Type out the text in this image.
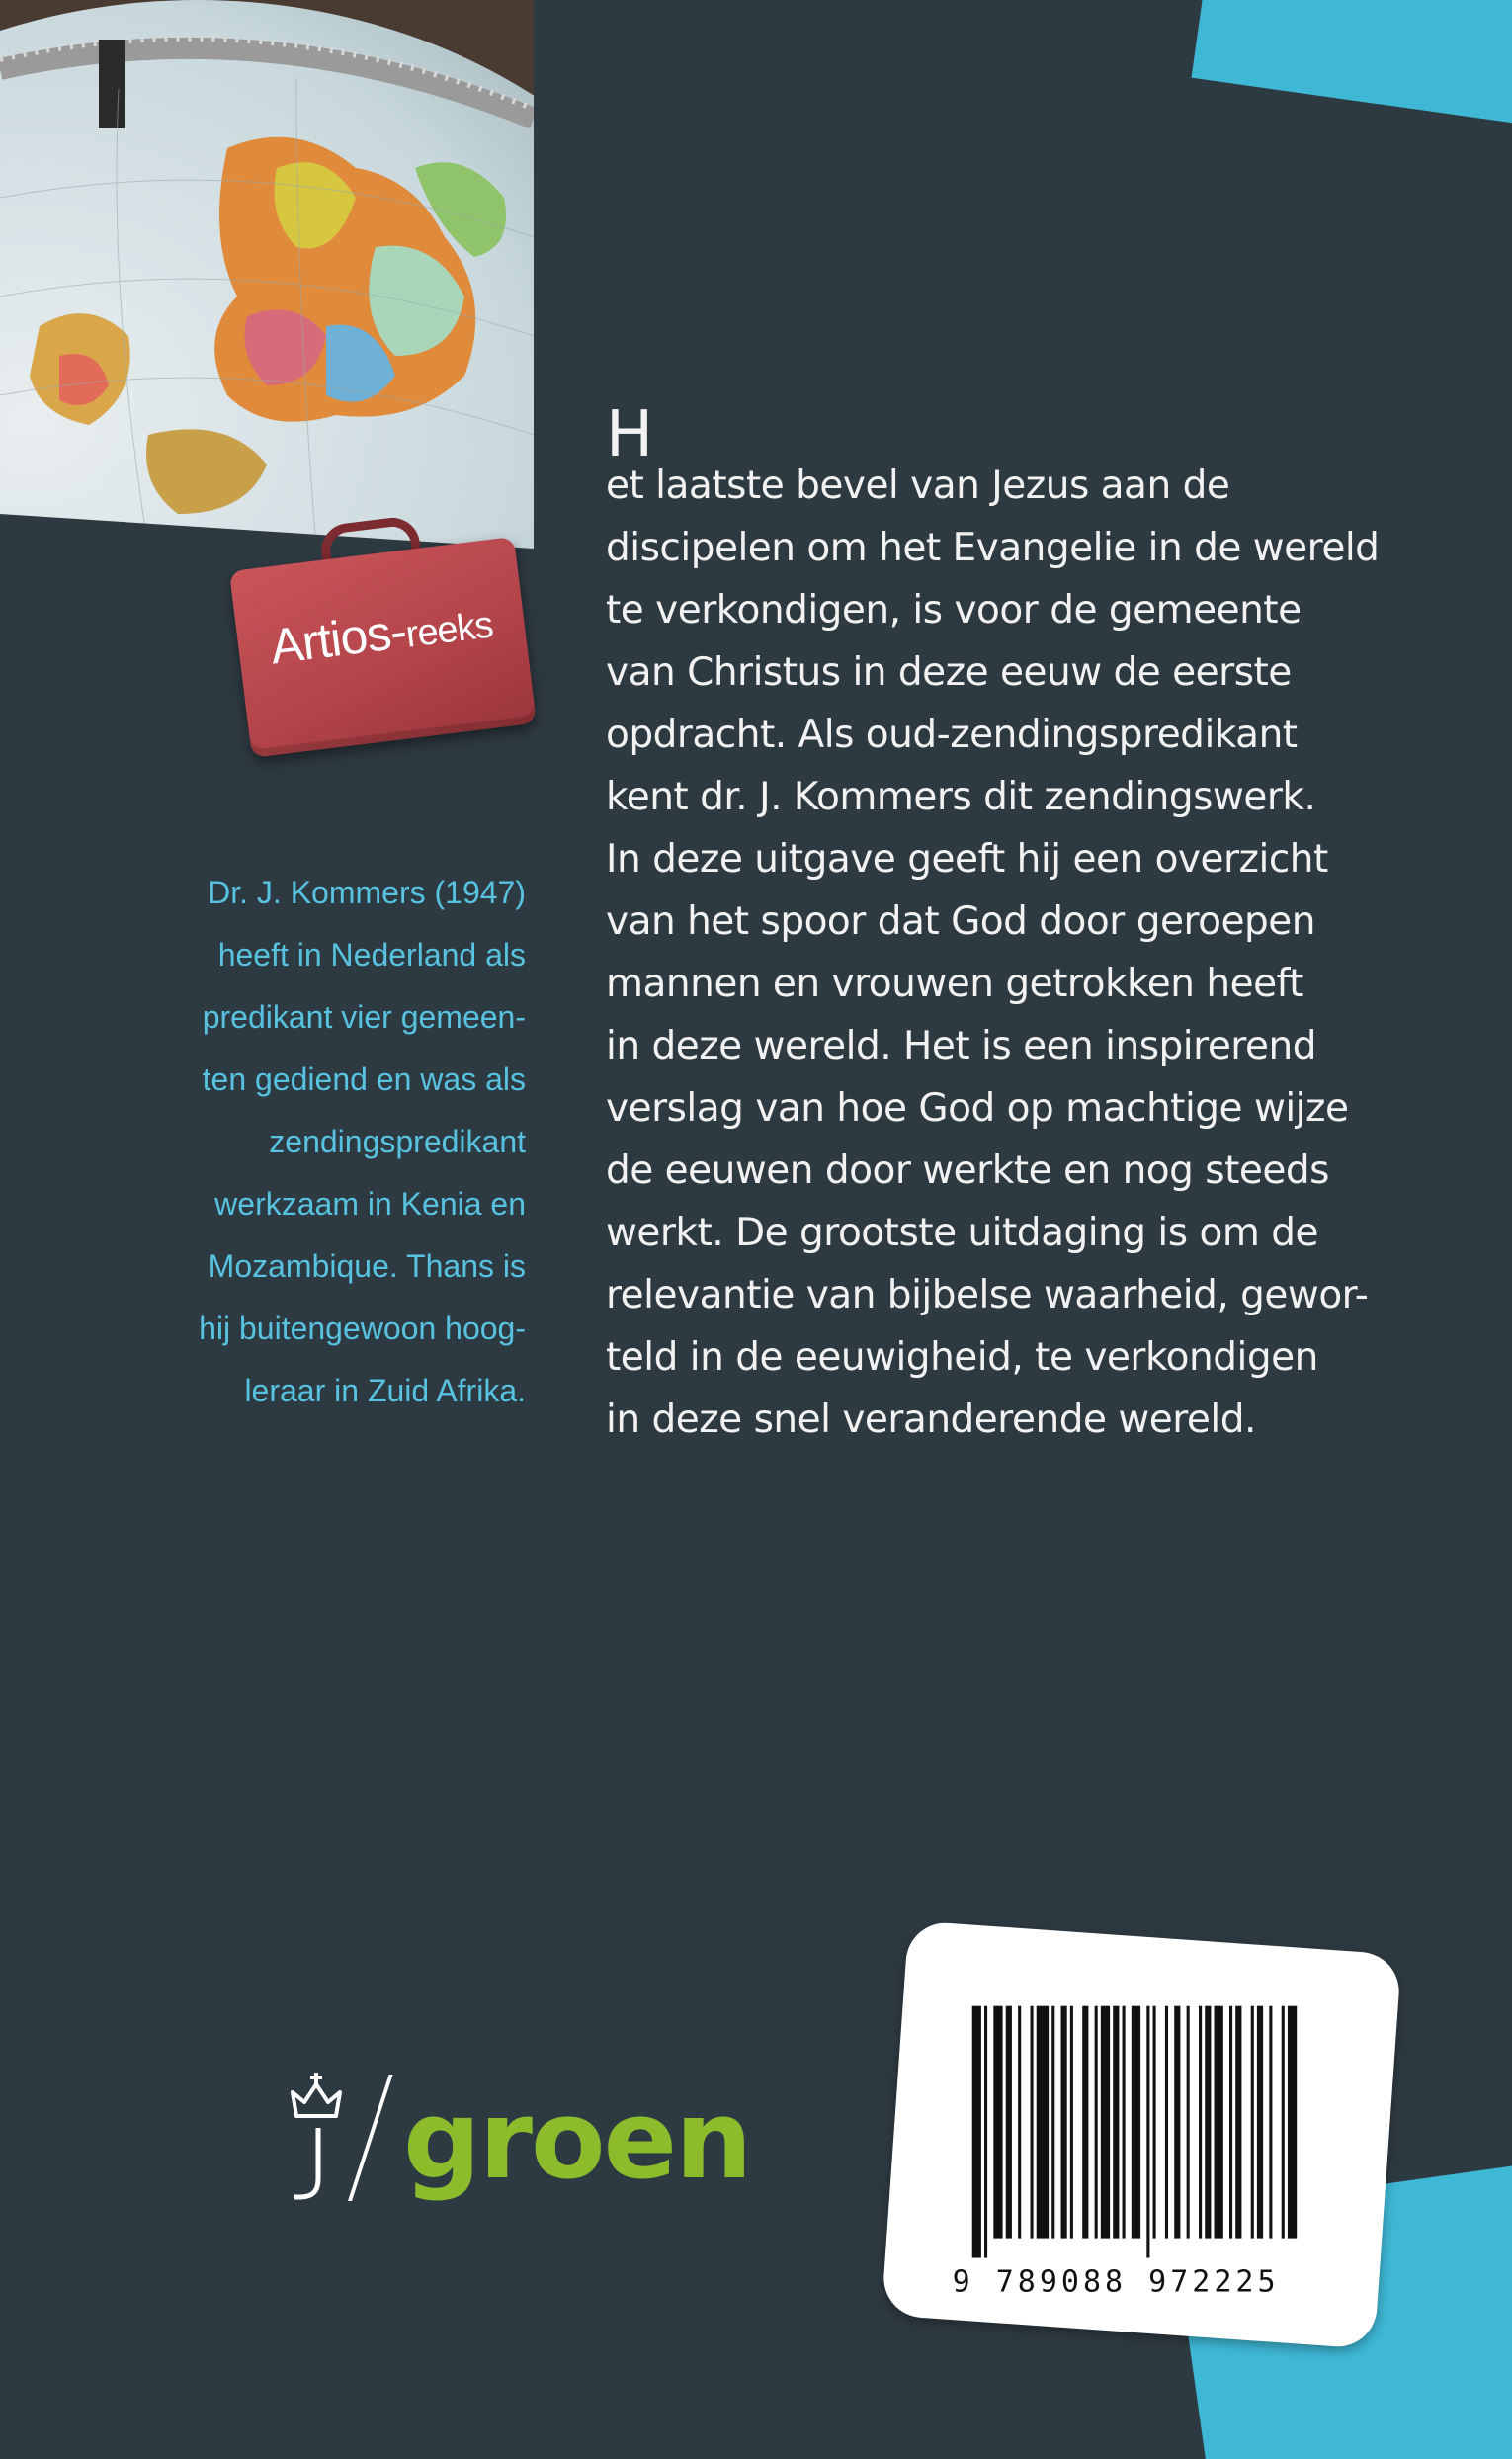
Artios-reeks
Dr. J. Kommers (1947)
heeft in Nederland als
predikant vier gemeen-
ten gediend en was als
zendingspredikant
werkzaam in Kenia en
Mozambique. Thans is
hij buitengewoon hoog-
leraar in Zuid Afrika.
H
et laatste bevel van Jezus aan de
discipelen om het Evangelie in de wereld
te verkondigen, is voor de gemeente
van Christus in deze eeuw de eerste
opdracht. Als oud-zendingspredikant
kent dr. J. Kommers dit zendingswerk.
In deze uitgave geeft hij een overzicht
van het spoor dat God door geroepen
mannen en vrouwen getrokken heeft
in deze wereld. Het is een inspirerend
verslag van hoe God op machtige wijze
de eeuwen door werkte en nog steeds
werkt. De grootste uitdaging is om de
relevantie van bijbelse waarheid, gewor-
teld in de eeuwigheid, te verkondigen
in deze snel veranderende wereld.
groen
9 789088 972225
